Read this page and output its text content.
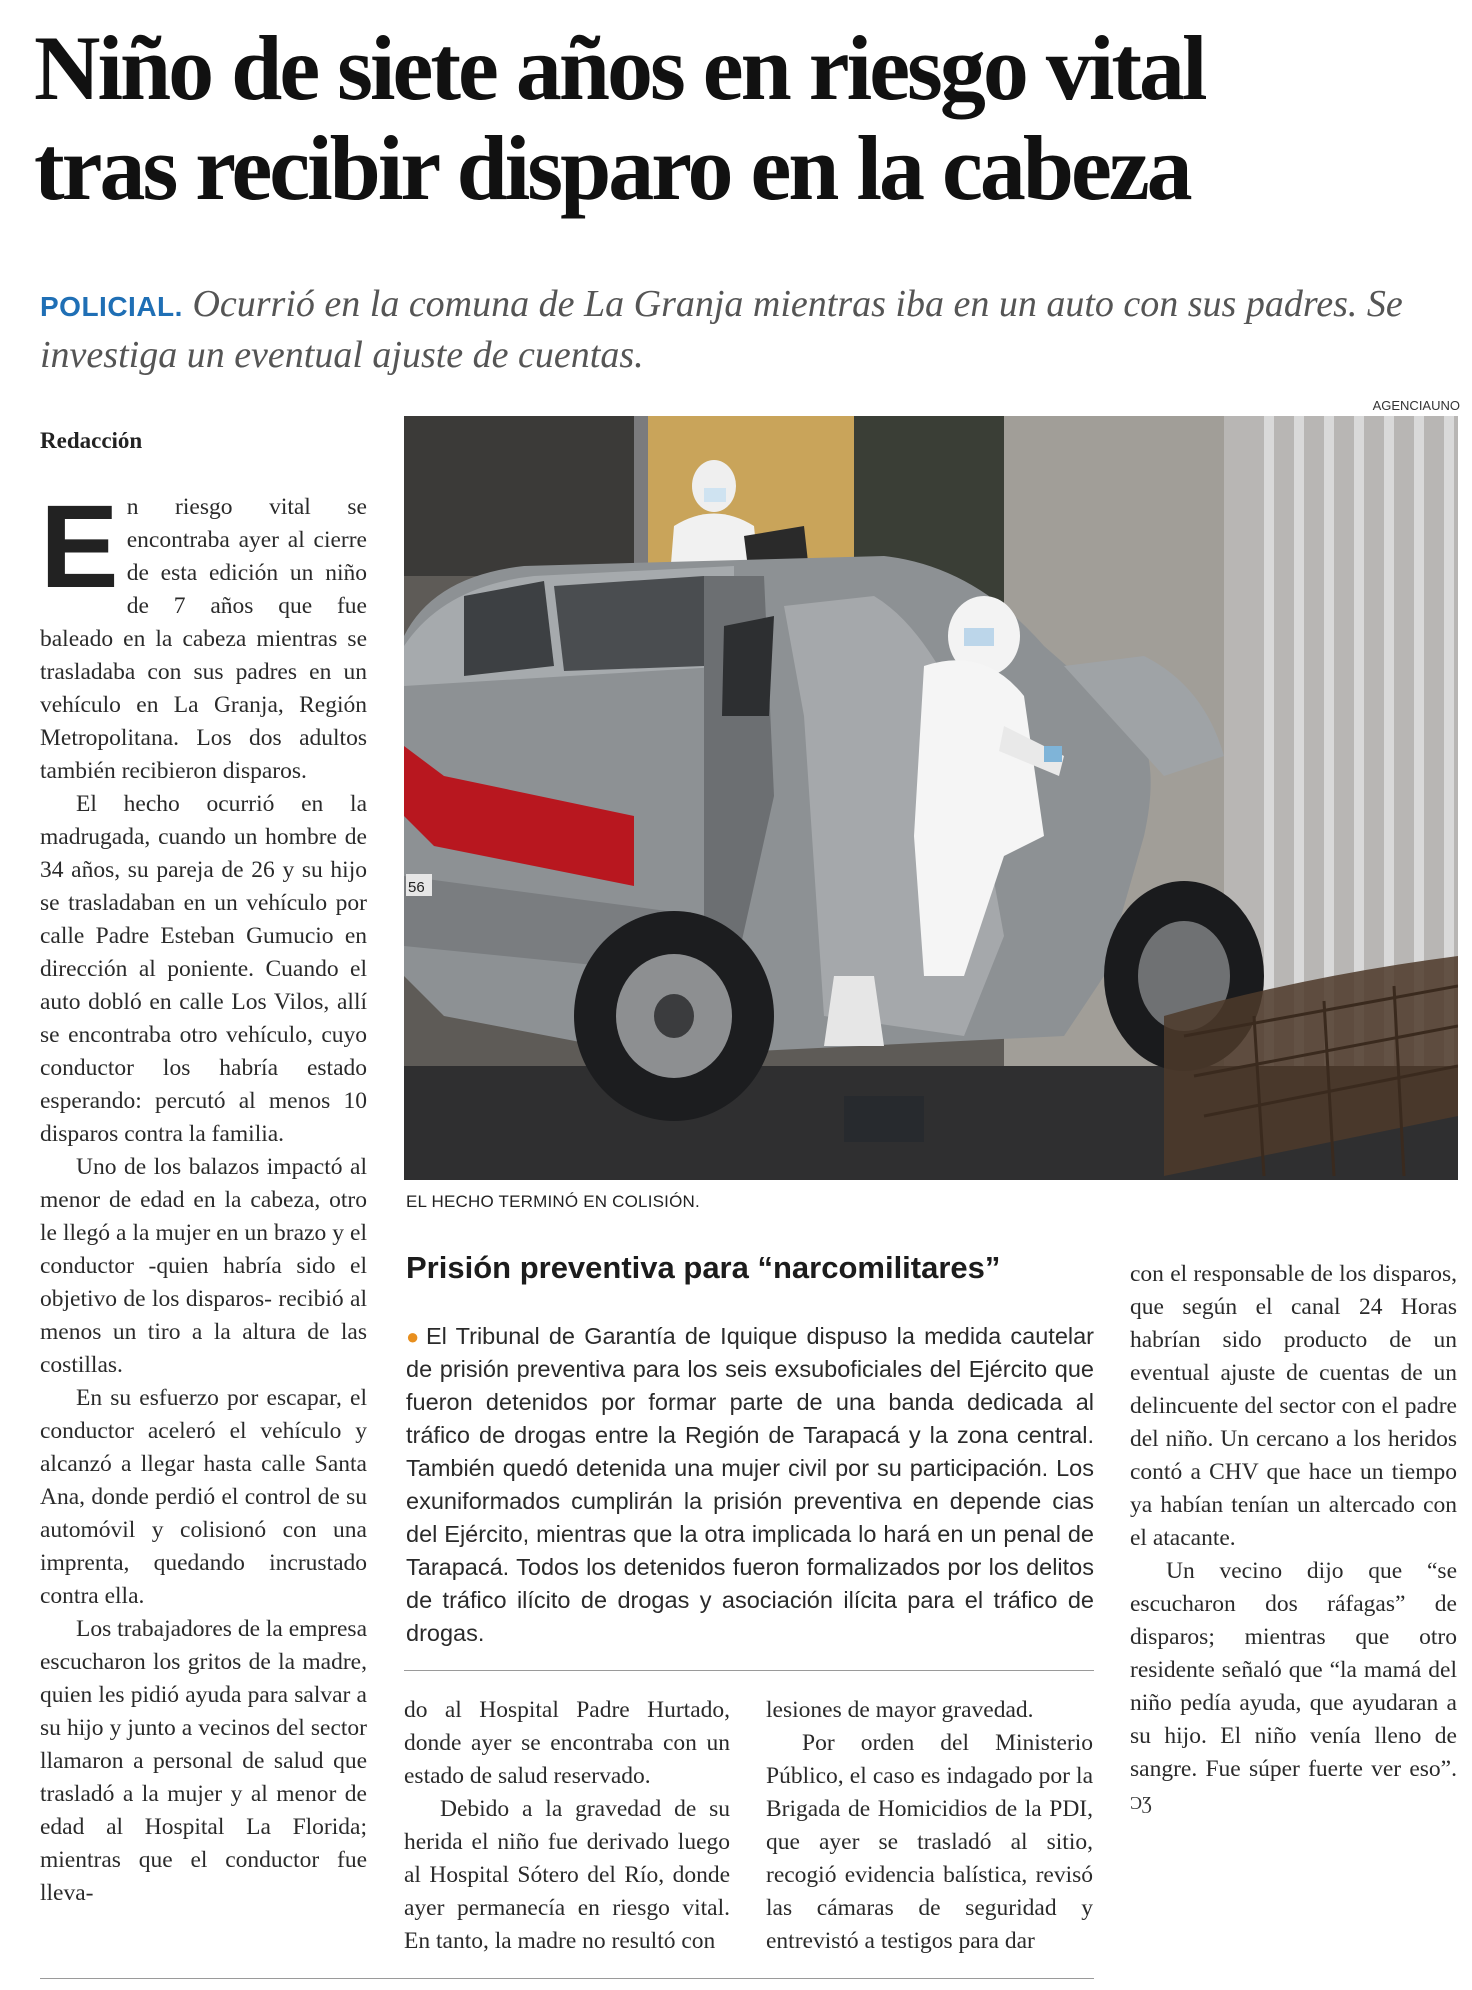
Niño de siete años en riesgo vital
tras recibir disparo en la cabeza
POLICIAL. Ocurrió en la comuna de La Granja mientras iba en un auto con sus padres. Se investiga un eventual ajuste de cuentas.
Redacción

En riesgo vital se encontraba ayer al cierre de esta edición un niño de 7 años que fue baleado en la cabeza mientras se trasladaba con sus padres en un vehículo en La Granja, Región Metropolitana. Los dos adultos también recibieron disparos.

El hecho ocurrió en la madrugada, cuando un hombre de 34 años, su pareja de 26 y su hijo se trasladaban en un vehículo por calle Padre Esteban Gumucio en dirección al poniente. Cuando el auto dobló en calle Los Vilos, allí se encontraba otro vehículo, cuyo conductor los habría estado esperando: percutó al menos 10 disparos contra la familia.

Uno de los balazos impactó al menor de edad en la cabeza, otro le llegó a la mujer en un brazo y el conductor -quien habría sido el objetivo de los disparos- recibió al menos un tiro a la altura de las costillas.

En su esfuerzo por escapar, el conductor aceleró el vehículo y alcanzó a llegar hasta calle Santa Ana, donde perdió el control de su automóvil y colisionó con una imprenta, quedando incrustado contra ella.

Los trabajadores de la empresa escucharon los gritos de la madre, quien les pidió ayuda para salvar a su hijo y junto a vecinos del sector llamaron a personal de salud que trasladó a la mujer y al menor de edad al Hospital La Florida; mientras que el conductor fue lleva-

AGENCIAUNO
56
EL HECHO TERMINÓ EN COLISIÓN.
Prisión preventiva para “narcomilitares”

● El Tribunal de Garantía de Iquique dispuso la medida cautelar de prisión preventiva para los seis exsuboficiales del Ejército que fueron detenidos por formar parte de una banda dedicada al tráfico de drogas entre la Región de Tarapacá y la zona central. También quedó detenida una mujer civil por su participación. Los exuniformados cumplirán la prisión preventiva en depende cias del Ejército, mientras que la otra implicada lo hará en un penal de Tarapacá. Todos los detenidos fueron formalizados por los delitos de tráfico ilícito de drogas y asociación ilícita para el tráfico de drogas.

do al Hospital Padre Hurtado, donde ayer se encontraba con un estado de salud reservado.

Debido a la gravedad de su herida el niño fue derivado luego al Hospital Sótero del Río, donde ayer permanecía en riesgo vital. En tanto, la madre no resultó con

lesiones de mayor gravedad.

Por orden del Ministerio Público, el caso es indagado por la Brigada de Homicidios de la PDI, que ayer se trasladó al sitio, recogió evidencia balística, revisó las cámaras de seguridad y entrevistó a testigos para dar

con el responsable de los disparos, que según el canal 24 Horas habrían sido producto de un eventual ajuste de cuentas de un delincuente del sector con el padre del niño. Un cercano a los heridos contó a CHV que hace un tiempo ya habían tenían un altercado con el atacante.

Un vecino dijo que “se escucharon dos ráfagas” de disparos; mientras que otro residente señaló que “la mamá del niño pedía ayuda, que ayudaran a su hijo. El niño venía lleno de sangre. Fue súper fuerte ver eso”. ƆƷ
